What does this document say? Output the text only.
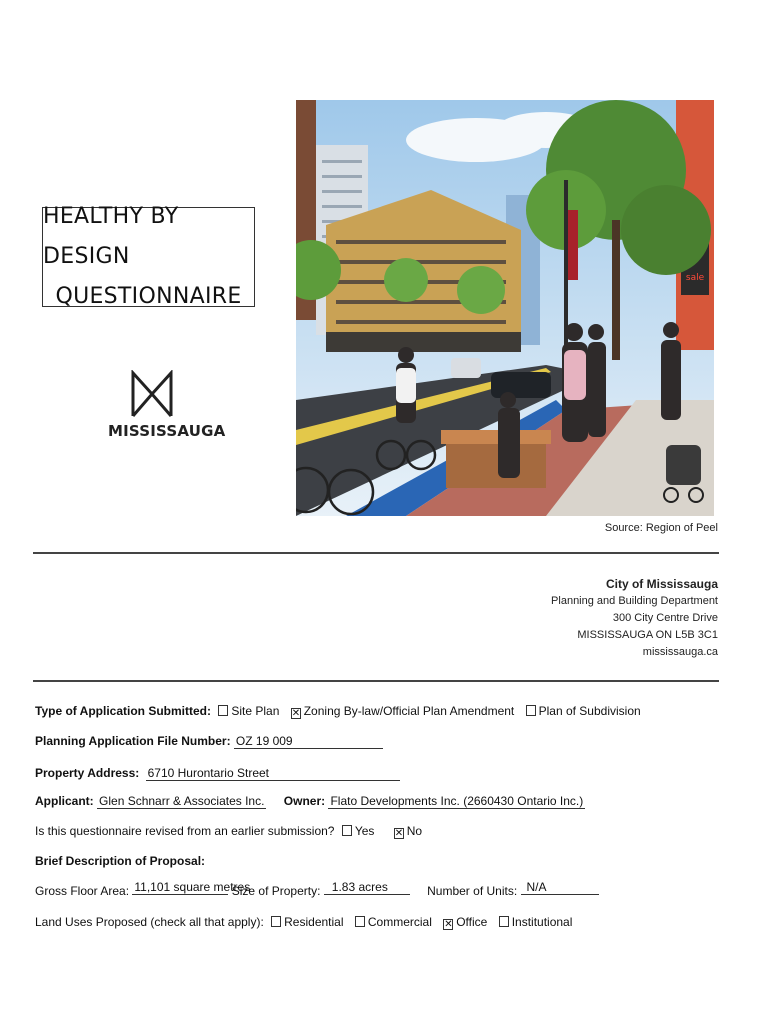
HEALTHY BY DESIGN
QUESTIONNAIRE
MISSISSAUGA
sale
Source: Region of Peel
City of Mississauga
Planning and Building Department
300 City Centre Drive
MISSISSAUGA ON L5B 3C1
mississauga.ca
Type of Application Submitted: Site Plan ✕ Zoning By-law/Official Plan Amendment Plan of Subdivision
Planning Application File Number: OZ 19 009
Property Address: 6710 Hurontario Street
Applicant: Glen Schnarr & Associates Inc. Owner: Flato Developments Inc. (2660430 Ontario Inc.)
Is this questionnaire revised from an earlier submission? Yes ✕ No
Brief Description of Proposal:
Gross Floor Area: 11,101 square metres Size of Property: 1.83 acres	Number of Units: N/A
Land Uses Proposed (check all that apply): Residential Commercial ✕ Office Institutional
